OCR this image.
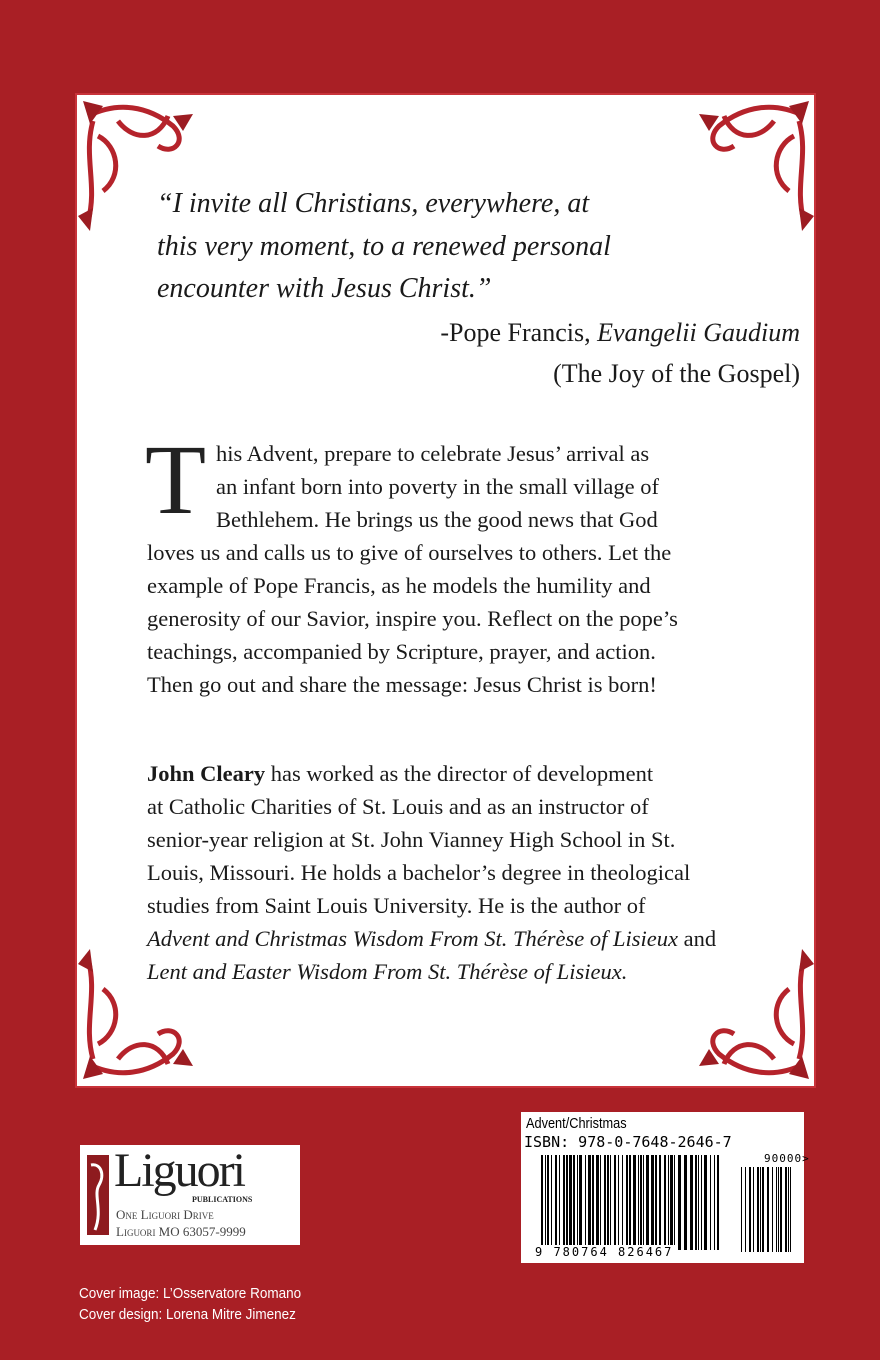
“I invite all Christians, everywhere, at
this very moment, to a renewed personal
encounter with Jesus Christ.”
-Pope Francis, Evangelii Gaudium
(The Joy of the Gospel)
T his Advent, prepare to celebrate Jesus’ arrival as
an infant born into poverty in the small village of
Bethlehem. He brings us the good news that God
loves us and calls us to give of ourselves to others. Let the
example of Pope Francis, as he models the humility and
generosity of our Savior, inspire you. Reflect on the pope’s
teachings, accompanied by Scripture, prayer, and action.
Then go out and share the message: Jesus Christ is born!
John Cleary has worked as the director of development
at Catholic Charities of St. Louis and as an instructor of
senior-year religion at St. John Vianney High School in St.
Louis, Missouri. He holds a bachelor’s degree in theological
studies from Saint Louis University. He is the author of
Advent and Christmas Wisdom From St. Thérèse of Lisieux and
Lent and Easter Wisdom From St. Thérèse of Lisieux.
Liguori
PUBLICATIONS
One Liguori Drive
Liguori MO 63057-9999
Cover image: L’Osservatore Romano
Cover design: Lorena Mitre Jimenez
Advent/Christmas
ISBN: 978-0-7648-2646-7
90000>
9 780764 826467
